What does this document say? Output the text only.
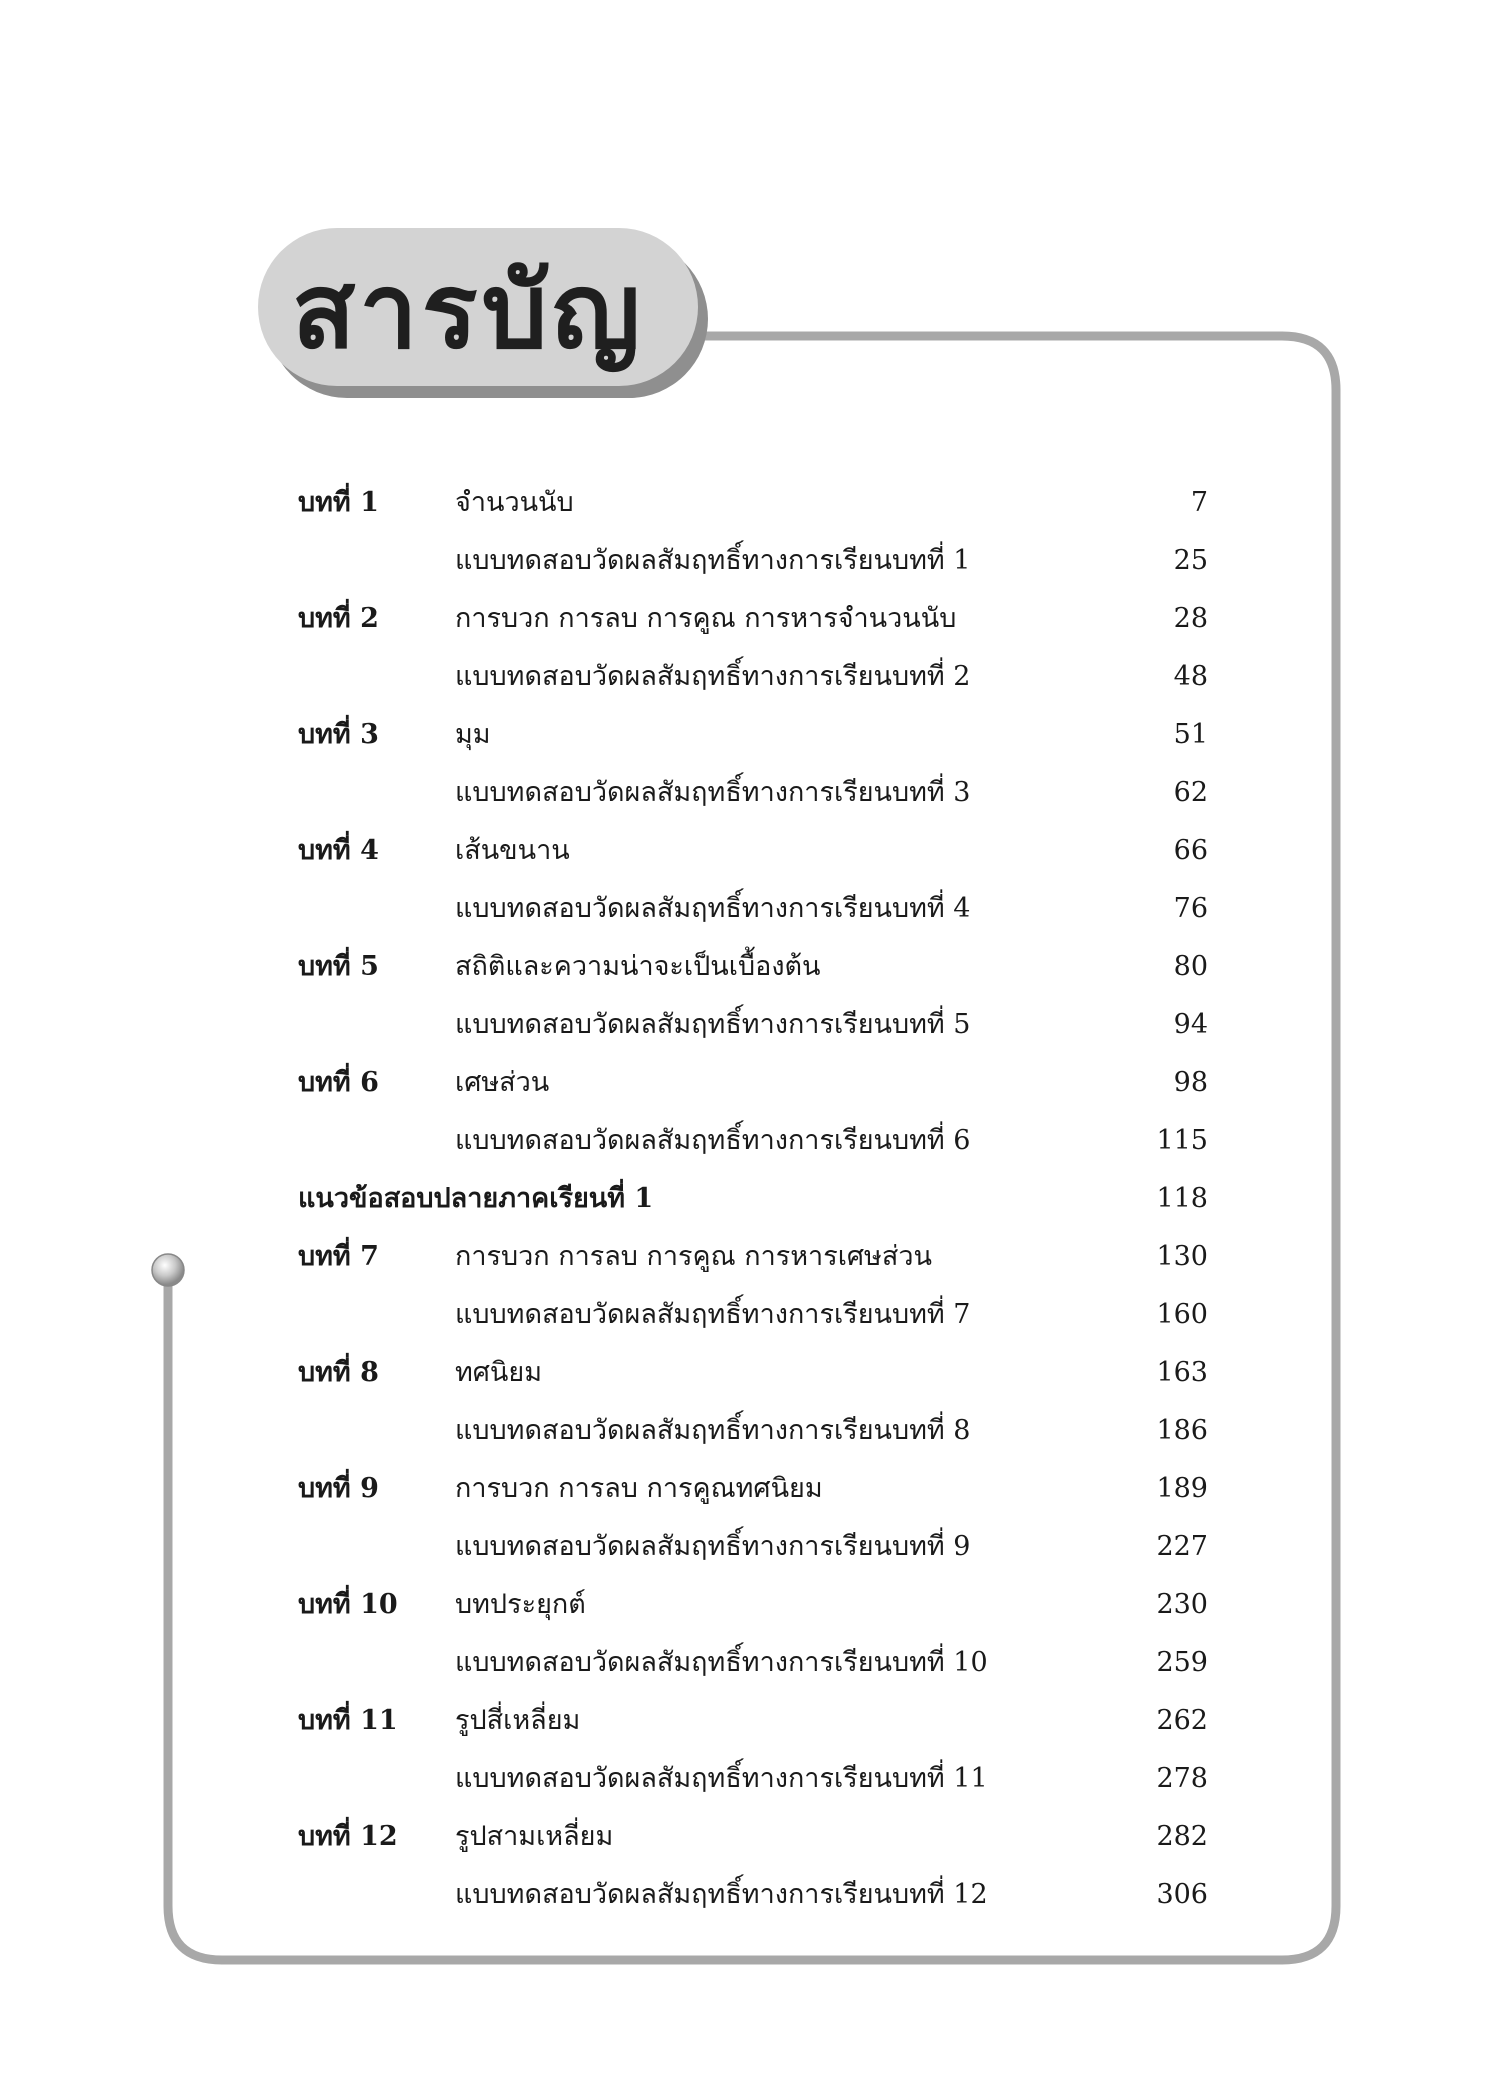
สารบัญ
บทที่ 1	จำนวนนับ	7
แบบทดสอบวัดผลสัมฤทธิ์ทางการเรียนบทที่ 1	25
บทที่ 2	การบวก การลบ การคูณ การหารจำนวนนับ	28
แบบทดสอบวัดผลสัมฤทธิ์ทางการเรียนบทที่ 2	48
บทที่ 3	มุม	51
แบบทดสอบวัดผลสัมฤทธิ์ทางการเรียนบทที่ 3	62
บทที่ 4	เส้นขนาน	66
แบบทดสอบวัดผลสัมฤทธิ์ทางการเรียนบทที่ 4	76
บทที่ 5	สถิติและความน่าจะเป็นเบื้องต้น	80
แบบทดสอบวัดผลสัมฤทธิ์ทางการเรียนบทที่ 5	94
บทที่ 6	เศษส่วน	98
แบบทดสอบวัดผลสัมฤทธิ์ทางการเรียนบทที่ 6	115
แนวข้อสอบปลายภาคเรียนที่ 1	118
บทที่ 7	การบวก การลบ การคูณ การหารเศษส่วน	130
แบบทดสอบวัดผลสัมฤทธิ์ทางการเรียนบทที่ 7	160
บทที่ 8	ทศนิยม	163
แบบทดสอบวัดผลสัมฤทธิ์ทางการเรียนบทที่ 8	186
บทที่ 9	การบวก การลบ การคูณทศนิยม	189
แบบทดสอบวัดผลสัมฤทธิ์ทางการเรียนบทที่ 9	227
บทที่ 10 บทประยุกต์	230
แบบทดสอบวัดผลสัมฤทธิ์ทางการเรียนบทที่ 10	259
บทที่ 11 รูปสี่เหลี่ยม	262
แบบทดสอบวัดผลสัมฤทธิ์ทางการเรียนบทที่ 11	278
บทที่ 12 รูปสามเหลี่ยม	282
แบบทดสอบวัดผลสัมฤทธิ์ทางการเรียนบทที่ 12	306
